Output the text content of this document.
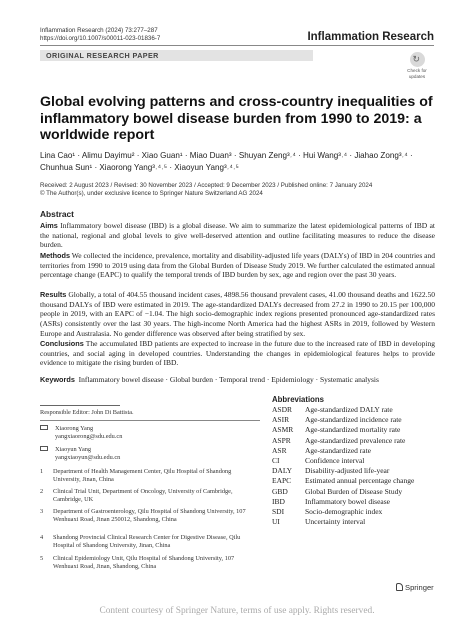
Inflammation Research (2024) 73:277–287
https://doi.org/10.1007/s00011-023-01836-7	Inflammation Research
ORIGINAL RESEARCH PAPER	↻
Check for
updates
Global evolving patterns and cross-country inequalities of inflammatory bowel disease burden from 1990 to 2019: a worldwide report
Lina Cao¹ · Alimu Dayimu² · Xiao Guan¹ · Miao Duan³ · Shuyan Zeng³˒⁴ · Hui Wang³˒⁴ · Jiahao Zong³˒⁴ · Chunhua Sun¹ · Xiaorong Yang³˒⁴˒⁵ · Xiaoyun Yang³˒⁴˒⁵
Received: 2 August 2023 / Revised: 30 November 2023 / Accepted: 9 December 2023 / Published online: 7 January 2024
© The Author(s), under exclusive licence to Springer Nature Switzerland AG 2024
Abstract

Aims Inflammatory bowel disease (IBD) is a global disease. We aim to summarize the latest epidemiological patterns of IBD at the national, regional and global levels to give well-deserved attention and outline facilitating measures to reduce the disease burden.

Methods We collected the incidence, prevalence, mortality and disability-adjusted life years (DALYs) of IBD in 204 countries and territories from 1990 to 2019 using data from the Global Burden of Disease Study 2019. We further calculated the estimated annual percentage change (EAPC) to qualify the temporal trends of IBD burden by sex, age and region over the past 30 years.

Results Globally, a total of 404.55 thousand incident cases, 4898.56 thousand prevalent cases, 41.00 thousand deaths and 1622.50 thousand DALYs of IBD were estimated in 2019. The age-standardized DALYs decreased from 27.2 in 1990 to 20.15 per 100,000 people in 2019, with an EAPC of −1.04. The high socio-demographic index regions presented pronounced age-standardized rates (ASRs) consistently over the last 30 years. The high-income North America had the highest ASRs in 2019, followed by Western Europe and Australasia. No gender difference was observed after being stratified by sex.

Conclusions The accumulated IBD patients are expected to increase in the future due to the increased rate of IBD in developing countries, and social aging in developed countries. Understanding the changes in epidemiological features helps to provide evidence to mitigate the rising burden of IBD.

Keywords Inflammatory bowel disease · Global burden · Temporal trend · Epidemiology · Systematic analysis
Responsible Editor: John Di Battista.
Xiaorong Yang
yangxiaorong@sdu.edu.cn
Xiaoyun Yang
yangxiaoyun@sdu.edu.cn
1	Department of Health Management Center, Qilu Hospital of Shandong University, Jinan, China
2	Clinical Trial Unit, Department of Oncology, University of Cambridge, Cambridge, UK
3	Department of Gastroenterology, Qilu Hospital of Shandong University, 107 Wenhuaxi Road, Jinan 250012, Shandong, China
4	Shandong Provincial Clinical Research Center for Digestive Disease, Qilu Hospital of Shandong University, Jinan, China
5	Clinical Epidemiology Unit, Qilu Hospital of Shandong University, 107 Wenhuaxi Road, Jinan, Shandong, China
Abbreviations
ASDR Age-standardized DALY rate
ASIR Age-standardized incidence rate
ASMR Age-standardized mortality rate
ASPR Age-standardized prevalence rate
ASR Age-standardized rate
CI	Confidence interval
DALY Disability-adjusted life-year
EAPC Estimated annual percentage change
GBD Global Burden of Disease Study
IBD	Inflammatory bowel disease
SDI	Socio-demographic index
UI	Uncertainty interval
Springer
Content courtesy of Springer Nature, terms of use apply. Rights reserved.
